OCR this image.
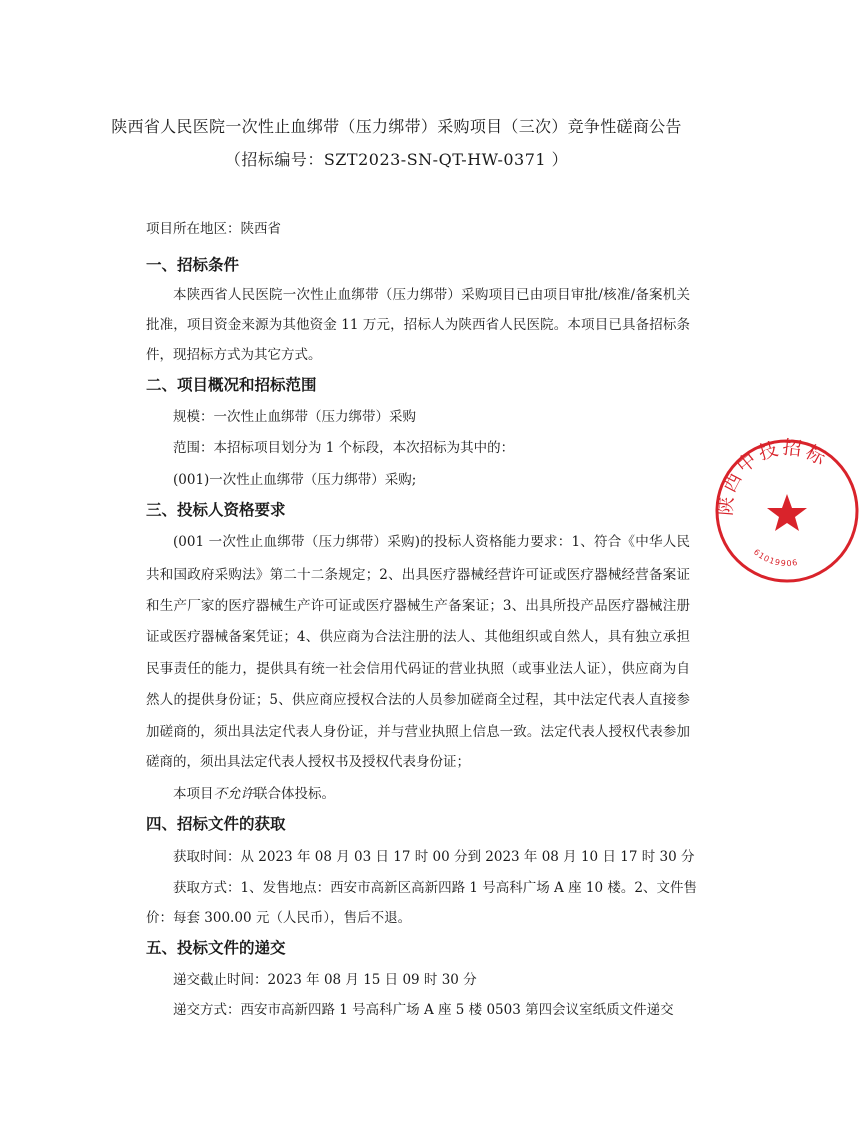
陕西省人民医院一次性止血绑带（压力绑带）采购项目（三次）竞争性磋商公告
（招标编号：SZT2023-SN-QT-HW-0371 ）
项目所在地区：陕西省
一、招标条件
本陕西省人民医院一次性止血绑带（压力绑带）采购项目已由项目审批/核准/备案机关
批准，项目资金来源为其他资金 11 万元，招标人为陕西省人民医院。本项目已具备招标条
件，现招标方式为其它方式。
二、项目概况和招标范围
规模：一次性止血绑带（压力绑带）采购
范围：本招标项目划分为 1 个标段，本次招标为其中的：
(001)一次性止血绑带（压力绑带）采购;
三、投标人资格要求
(001 一次性止血绑带（压力绑带）采购)的投标人资格能力要求：1、符合《中华人民
共和国政府采购法》第二十二条规定；2、出具医疗器械经营许可证或医疗器械经营备案证
和生产厂家的医疗器械生产许可证或医疗器械生产备案证；3、出具所投产品医疗器械注册
证或医疗器械备案凭证；4、供应商为合法注册的法人、其他组织或自然人，具有独立承担
民事责任的能力，提供具有统一社会信用代码证的营业执照（或事业法人证），供应商为自
然人的提供身份证；5、供应商应授权合法的人员参加磋商全过程，其中法定代表人直接参
加磋商的，须出具法定代表人身份证，并与营业执照上信息一致。法定代表人授权代表参加
磋商的，须出具法定代表人授权书及授权代表身份证；
本项目不允许联合体投标。
四、招标文件的获取
获取时间：从 2023 年 08 月 03 日 17 时 00 分到 2023 年 08 月 10 日 17 时 30 分
获取方式：1、发售地点：西安市高新区高新四路 1 号高科广场 A 座 10 楼。2、文件售
价：每套 300.00 元（人民币），售后不退。
五、投标文件的递交
递交截止时间：2023 年 08 月 15 日 09 时 30 分
递交方式：西安市高新四路 1 号高科广场 A 座 5 楼 0503 第四会议室纸质文件递交
陕西中技招标
61019906
